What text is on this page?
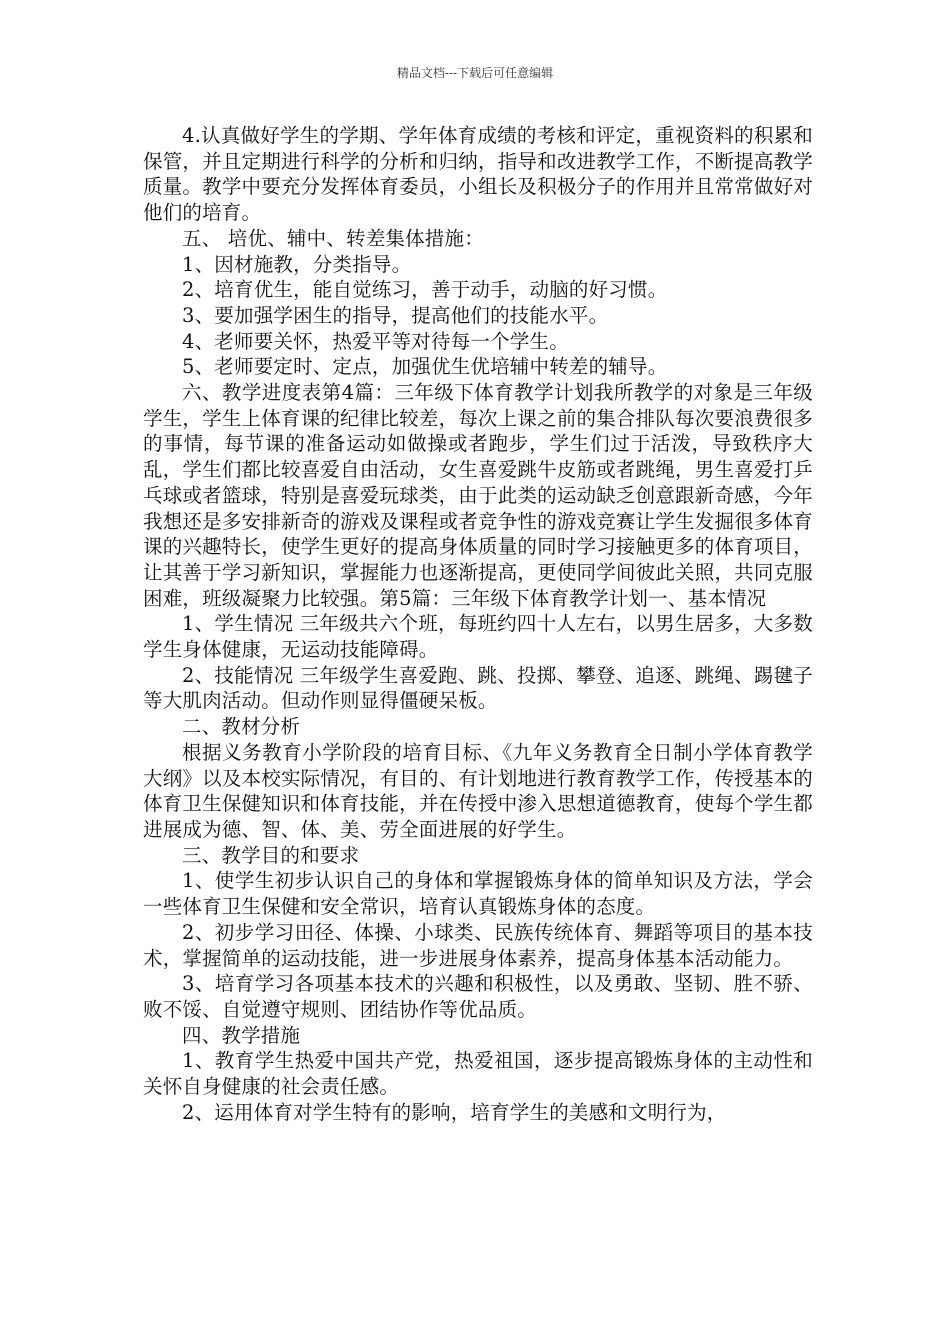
精品文档---下载后可任意编辑

4.认真做好学生的学期、学年体育成绩的考核和评定，重视资料的积累和保管，并且定期进行科学的分析和归纳，指导和改进教学工作，不断提高教学质量。教学中要充分发挥体育委员，小组长及积极分子的作用并且常常做好对他们的培育。

五、 培优、辅中、转差集体措施：

1、因材施教，分类指导。

2、培育优生，能自觉练习，善于动手，动脑的好习惯。

3、要加强学困生的指导，提高他们的技能水平。

4、老师要关怀，热爱平等对待每一个学生。

5、老师要定时、定点，加强优生优培辅中转差的辅导。

六、教学进度表第4篇：三年级下体育教学计划我所教学的对象是三年级学生，学生上体育课的纪律比较差，每次上课之前的集合排队每次要浪费很多的事情，每节课的准备运动如做操或者跑步，学生们过于活泼，导致秩序大乱，学生们都比较喜爱自由活动，女生喜爱跳牛皮筋或者跳绳，男生喜爱打乒乓球或者篮球，特别是喜爱玩球类，由于此类的运动缺乏创意跟新奇感，今年我想还是多安排新奇的游戏及课程或者竞争性的游戏竞赛让学生发掘很多体育课的兴趣特长，使学生更好的提高身体质量的同时学习接触更多的体育项目，让其善于学习新知识，掌握能力也逐渐提高，更使同学间彼此关照，共同克服困难，班级凝聚力比较强。第5篇：三年级下体育教学计划一、基本情况

1、学生情况 三年级共六个班，每班约四十人左右，以男生居多，大多数学生身体健康，无运动技能障碍。

2、技能情况 三年级学生喜爱跑、跳、投掷、攀登、追逐、跳绳、踢毽子等大肌肉活动。但动作则显得僵硬呆板。

二、教材分析

根据义务教育小学阶段的培育目标、《九年义务教育全日制小学体育教学大纲》以及本校实际情况，有目的、有计划地进行教育教学工作，传授基本的体育卫生保健知识和体育技能，并在传授中渗入思想道德教育，使每个学生都进展成为德、智、体、美、劳全面进展的好学生。

三、教学目的和要求

1、使学生初步认识自己的身体和掌握锻炼身体的简单知识及方法，学会一些体育卫生保健和安全常识，培育认真锻炼身体的态度。

2、初步学习田径、体操、小球类、民族传统体育、舞蹈等项目的基本技术，掌握简单的运动技能，进一步进展身体素养，提高身体基本活动能力。

3、培育学习各项基本技术的兴趣和积极性，以及勇敢、坚韧、胜不骄、败不馁、自觉遵守规则、团结协作等优品质。

四、教学措施

1、教育学生热爱中国共产党，热爱祖国，逐步提高锻炼身体的主动性和关怀自身健康的社会责任感。

2、运用体育对学生特有的影响，培育学生的美感和文明行为，
